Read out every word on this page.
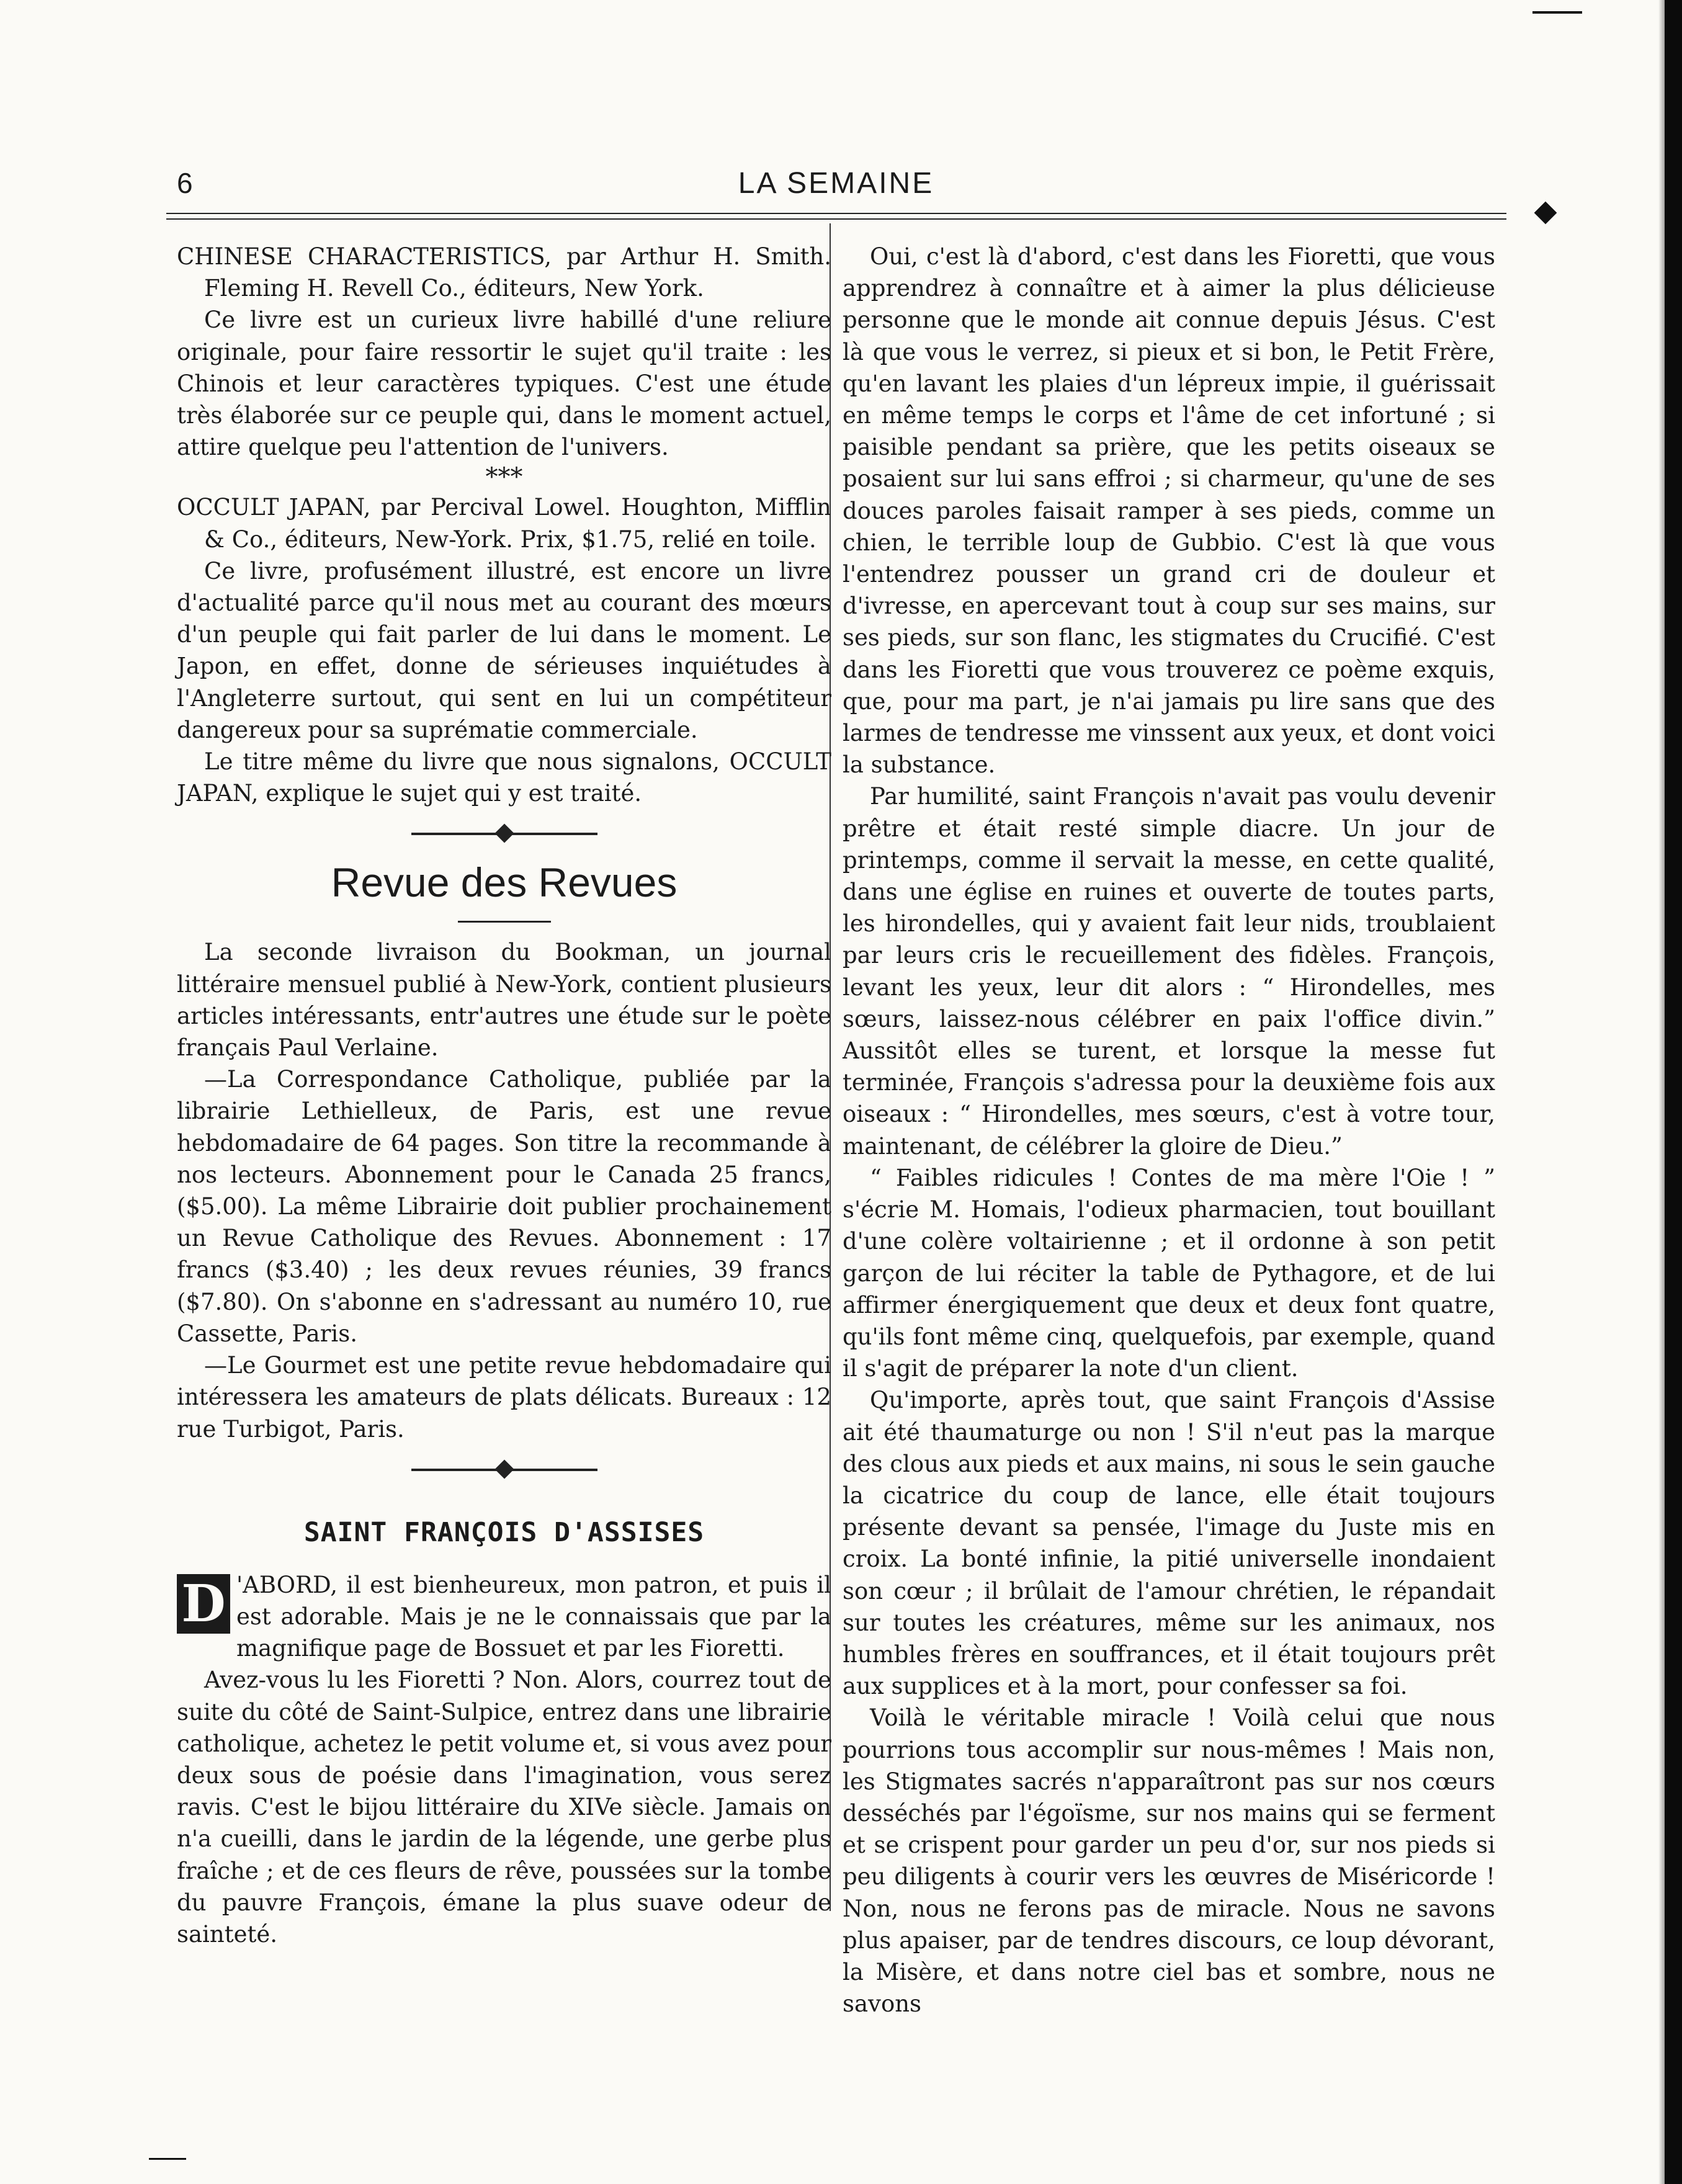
6	LA SEMAINE

CHINESE CHARACTERISTICS, par Arthur H. Smith. Fleming H. Revell Co., éditeurs, New York.

Ce livre est un curieux livre habillé d'une reliure originale, pour faire ressortir le sujet qu'il traite : les Chinois et leur caractères typiques. C'est une étude très élaborée sur ce peuple qui, dans le moment actuel, attire quelque peu l'attention de l'univers.

***

OCCULT JAPAN, par Percival Lowel. Houghton, Mifflin & Co., éditeurs, New-York. Prix, $1.75, relié en toile.

Ce livre, profusément illustré, est encore un livre d'actualité parce qu'il nous met au courant des mœurs d'un peuple qui fait parler de lui dans le moment. Le Japon, en effet, donne de sérieuses inquiétudes à l'Angleterre surtout, qui sent en lui un compétiteur dangereux pour sa suprématie commerciale.

Le titre même du livre que nous signalons, OCCULT JAPAN, explique le sujet qui y est traité.

Revue des Revues

La seconde livraison du Bookman, un journal littéraire mensuel publié à New-York, contient plusieurs articles intéressants, entr'autres une étude sur le poète français Paul Verlaine.

—La Correspondance Catholique, publiée par la librairie Lethielleux, de Paris, est une revue hebdomadaire de 64 pages. Son titre la recommande à nos lecteurs. Abonnement pour le Canada 25 francs, ($5.00). La même Librairie doit publier prochainement un Revue Catholique des Revues. Abonnement : 17 francs ($3.40) ; les deux revues réunies, 39 francs ($7.80). On s'abonne en s'adressant au numéro 10, rue Cassette, Paris.

—Le Gourmet est une petite revue hebdomadaire qui intéressera les amateurs de plats délicats. Bureaux : 12 rue Turbigot, Paris.

SAINT FRANÇOIS D'ASSISES

D 'ABORD, il est bienheureux, mon patron, et puis il est adorable. Mais je ne le connaissais que par la magnifique page de Bossuet et par les Fioretti.

Avez-vous lu les Fioretti ? Non. Alors, courrez tout de suite du côté de Saint-Sulpice, entrez dans une librairie catholique, achetez le petit volume et, si vous avez pour deux sous de poésie dans l'imagination, vous serez ravis. C'est le bijou littéraire du XIVe siècle. Jamais on n'a cueilli, dans le jardin de la légende, une gerbe plus fraîche ; et de ces fleurs de rêve, poussées sur la tombe du pauvre François, émane la plus suave odeur de sainteté.

Oui, c'est là d'abord, c'est dans les Fioretti, que vous apprendrez à connaître et à aimer la plus délicieuse personne que le monde ait connue depuis Jésus. C'est là que vous le verrez, si pieux et si bon, le Petit Frère, qu'en lavant les plaies d'un lépreux impie, il guérissait en même temps le corps et l'âme de cet infortuné ; si paisible pendant sa prière, que les petits oiseaux se posaient sur lui sans effroi ; si charmeur, qu'une de ses douces paroles faisait ramper à ses pieds, comme un chien, le terrible loup de Gubbio. C'est là que vous l'entendrez pousser un grand cri de douleur et d'ivresse, en apercevant tout à coup sur ses mains, sur ses pieds, sur son flanc, les stigmates du Crucifié. C'est dans les Fioretti que vous trouverez ce poème exquis, que, pour ma part, je n'ai jamais pu lire sans que des larmes de tendresse me vinssent aux yeux, et dont voici la substance.

Par humilité, saint François n'avait pas voulu devenir prêtre et était resté simple diacre. Un jour de printemps, comme il servait la messe, en cette qualité, dans une église en ruines et ouverte de toutes parts, les hirondelles, qui y avaient fait leur nids, troublaient par leurs cris le recueillement des fidèles. François, levant les yeux, leur dit alors : “ Hirondelles, mes sœurs, laissez-nous célébrer en paix l'office divin.” Aussitôt elles se turent, et lorsque la messe fut terminée, François s'adressa pour la deuxième fois aux oiseaux : “ Hirondelles, mes sœurs, c'est à votre tour, maintenant, de célébrer la gloire de Dieu.”

“ Faibles ridicules ! Contes de ma mère l'Oie ! ” s'écrie M. Homais, l'odieux pharmacien, tout bouillant d'une colère voltairienne ; et il ordonne à son petit garçon de lui réciter la table de Pythagore, et de lui affirmer énergiquement que deux et deux font quatre, qu'ils font même cinq, quelquefois, par exemple, quand il s'agit de préparer la note d'un client.

Qu'importe, après tout, que saint François d'Assise ait été thaumaturge ou non ! S'il n'eut pas la marque des clous aux pieds et aux mains, ni sous le sein gauche la cicatrice du coup de lance, elle était toujours présente devant sa pensée, l'image du Juste mis en croix. La bonté infinie, la pitié universelle inondaient son cœur ; il brûlait de l'amour chrétien, le répandait sur toutes les créatures, même sur les animaux, nos humbles frères en souffrances, et il était toujours prêt aux supplices et à la mort, pour confesser sa foi.

Voilà le véritable miracle ! Voilà celui que nous pourrions tous accomplir sur nous-mêmes ! Mais non, les Stigmates sacrés n'apparaîtront pas sur nos cœurs desséchés par l'égoïsme, sur nos mains qui se ferment et se crispent pour garder un peu d'or, sur nos pieds si peu diligents à courir vers les œuvres de Miséricorde ! Non, nous ne ferons pas de miracle. Nous ne savons plus apaiser, par de tendres discours, ce loup dévorant, la Misère, et dans notre ciel bas et sombre, nous ne savons
